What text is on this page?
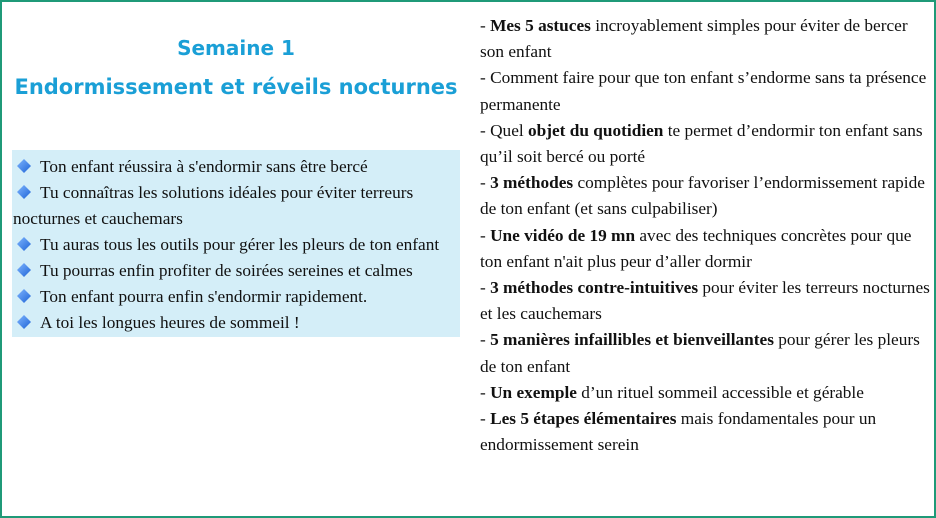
Semaine 1
Endormissement et réveils nocturnes
Ton enfant réussira à s'endormir sans être bercé
Tu connaîtras les solutions idéales pour éviter terreurs nocturnes et cauchemars
Tu auras tous les outils pour gérer les pleurs de ton enfant
Tu pourras enfin profiter de soirées sereines et calmes
Ton enfant pourra enfin s'endormir rapidement.
A toi les longues heures de sommeil !

- Mes 5 astuces incroyablement simples pour éviter de bercer son enfant

- Comment faire pour que ton enfant s’endorme sans ta présence permanente

- Quel objet du quotidien te permet d’endormir ton enfant sans qu’il soit bercé ou porté

- 3 méthodes complètes pour favoriser l’endormissement rapide de ton enfant (et sans culpabiliser)

- Une vidéo de 19 mn avec des techniques concrètes pour que ton enfant n'ait plus peur d’aller dormir

- 3 méthodes contre-intuitives pour éviter les terreurs nocturnes et les cauchemars

- 5 manières infaillibles et bienveillantes pour gérer les pleurs de ton enfant

- Un exemple d’un rituel sommeil accessible et gérable

- Les 5 étapes élémentaires mais fondamentales pour un endormissement serein
